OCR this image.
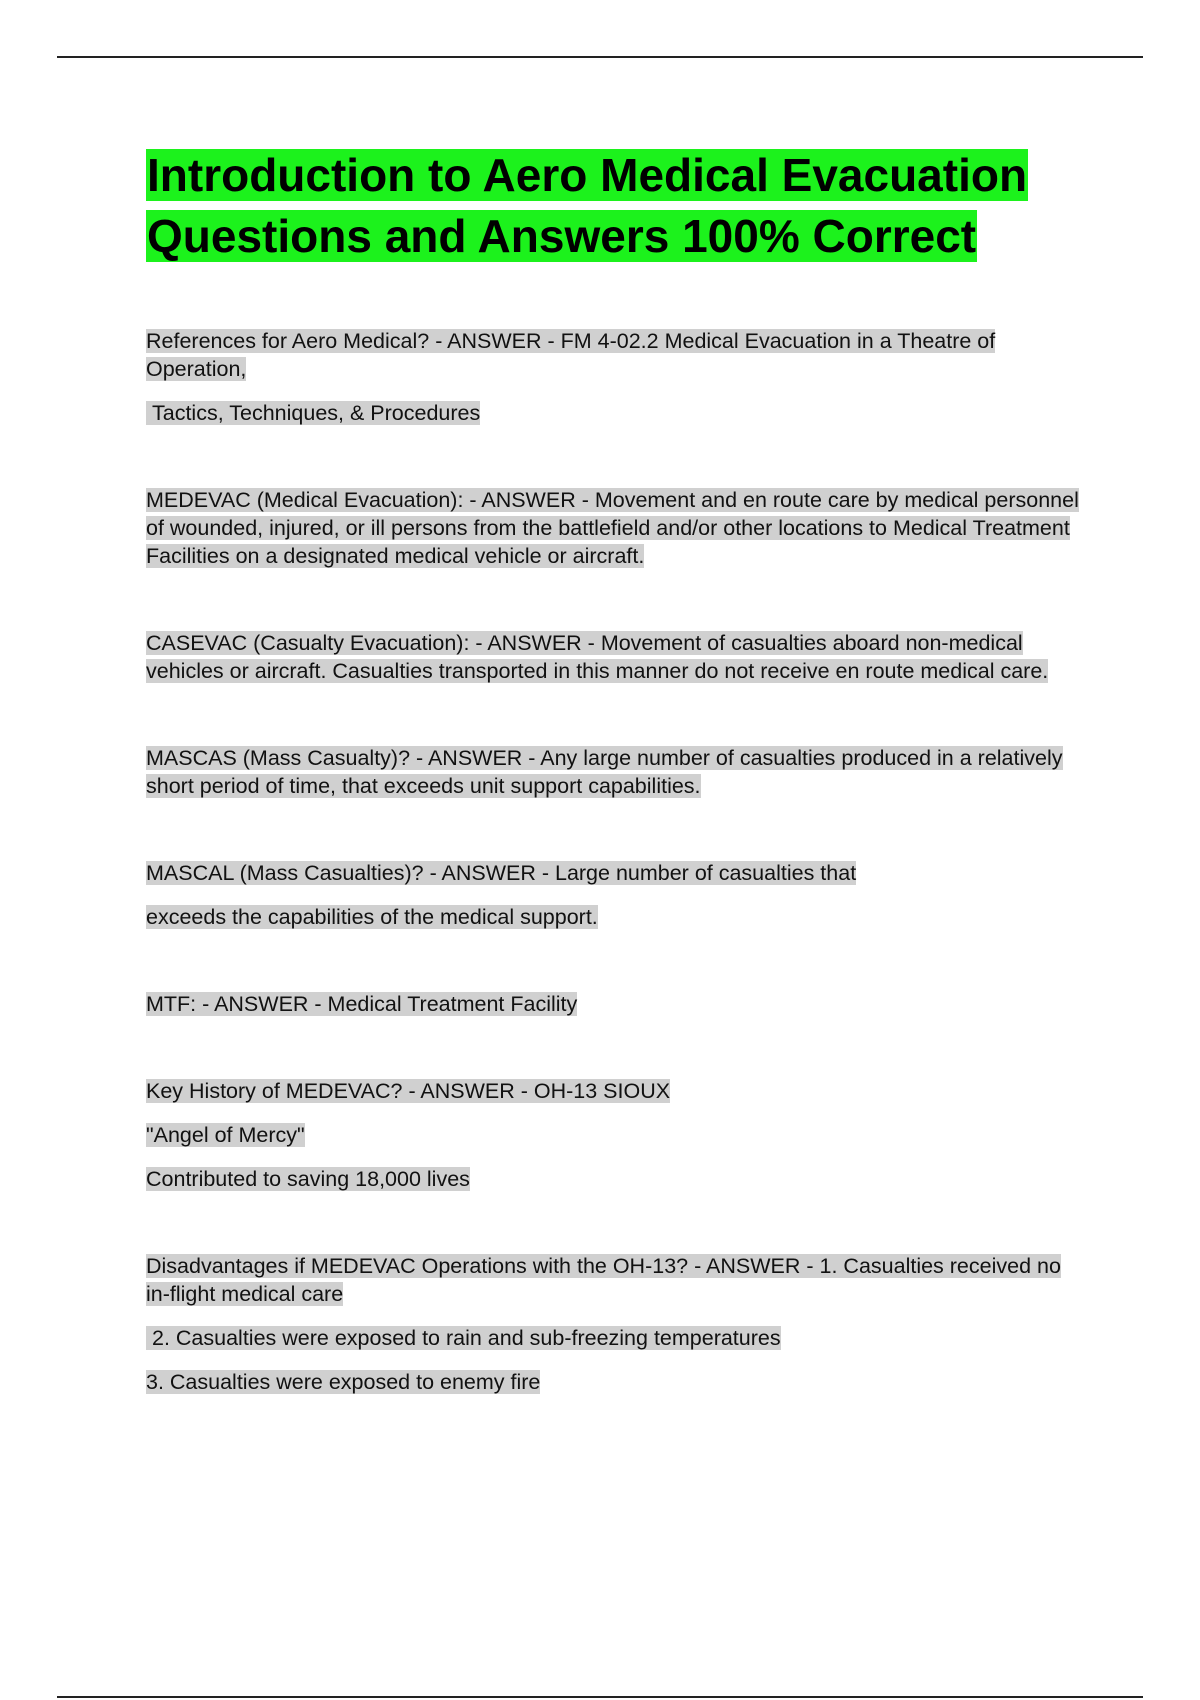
Introduction to Aero Medical Evacuation
Questions and Answers 100% Correct

References for Aero Medical? - ANSWER - FM 4-02.2 Medical Evacuation in a Theatre of Operation,

Tactics, Techniques, & Procedures

MEDEVAC (Medical Evacuation): - ANSWER - Movement and en route care by medical personnel of wounded, injured, or ill persons from the battlefield and/or other locations to Medical Treatment Facilities on a designated medical vehicle or aircraft.

CASEVAC (Casualty Evacuation): - ANSWER - Movement of casualties aboard non-medical vehicles or aircraft. Casualties transported in this manner do not receive en route medical care.

MASCAS (Mass Casualty)? - ANSWER - Any large number of casualties produced in a relatively short period of time, that exceeds unit support capabilities.

MASCAL (Mass Casualties)? - ANSWER - Large number of casualties that

exceeds the capabilities of the medical support.

MTF: - ANSWER - Medical Treatment Facility

Key History of MEDEVAC? - ANSWER - OH-13 SIOUX

"Angel of Mercy"

Contributed to saving 18,000 lives

Disadvantages if MEDEVAC Operations with the OH-13? - ANSWER - 1. Casualties received no in-flight medical care

2. Casualties were exposed to rain and sub-freezing temperatures

3. Casualties were exposed to enemy fire
